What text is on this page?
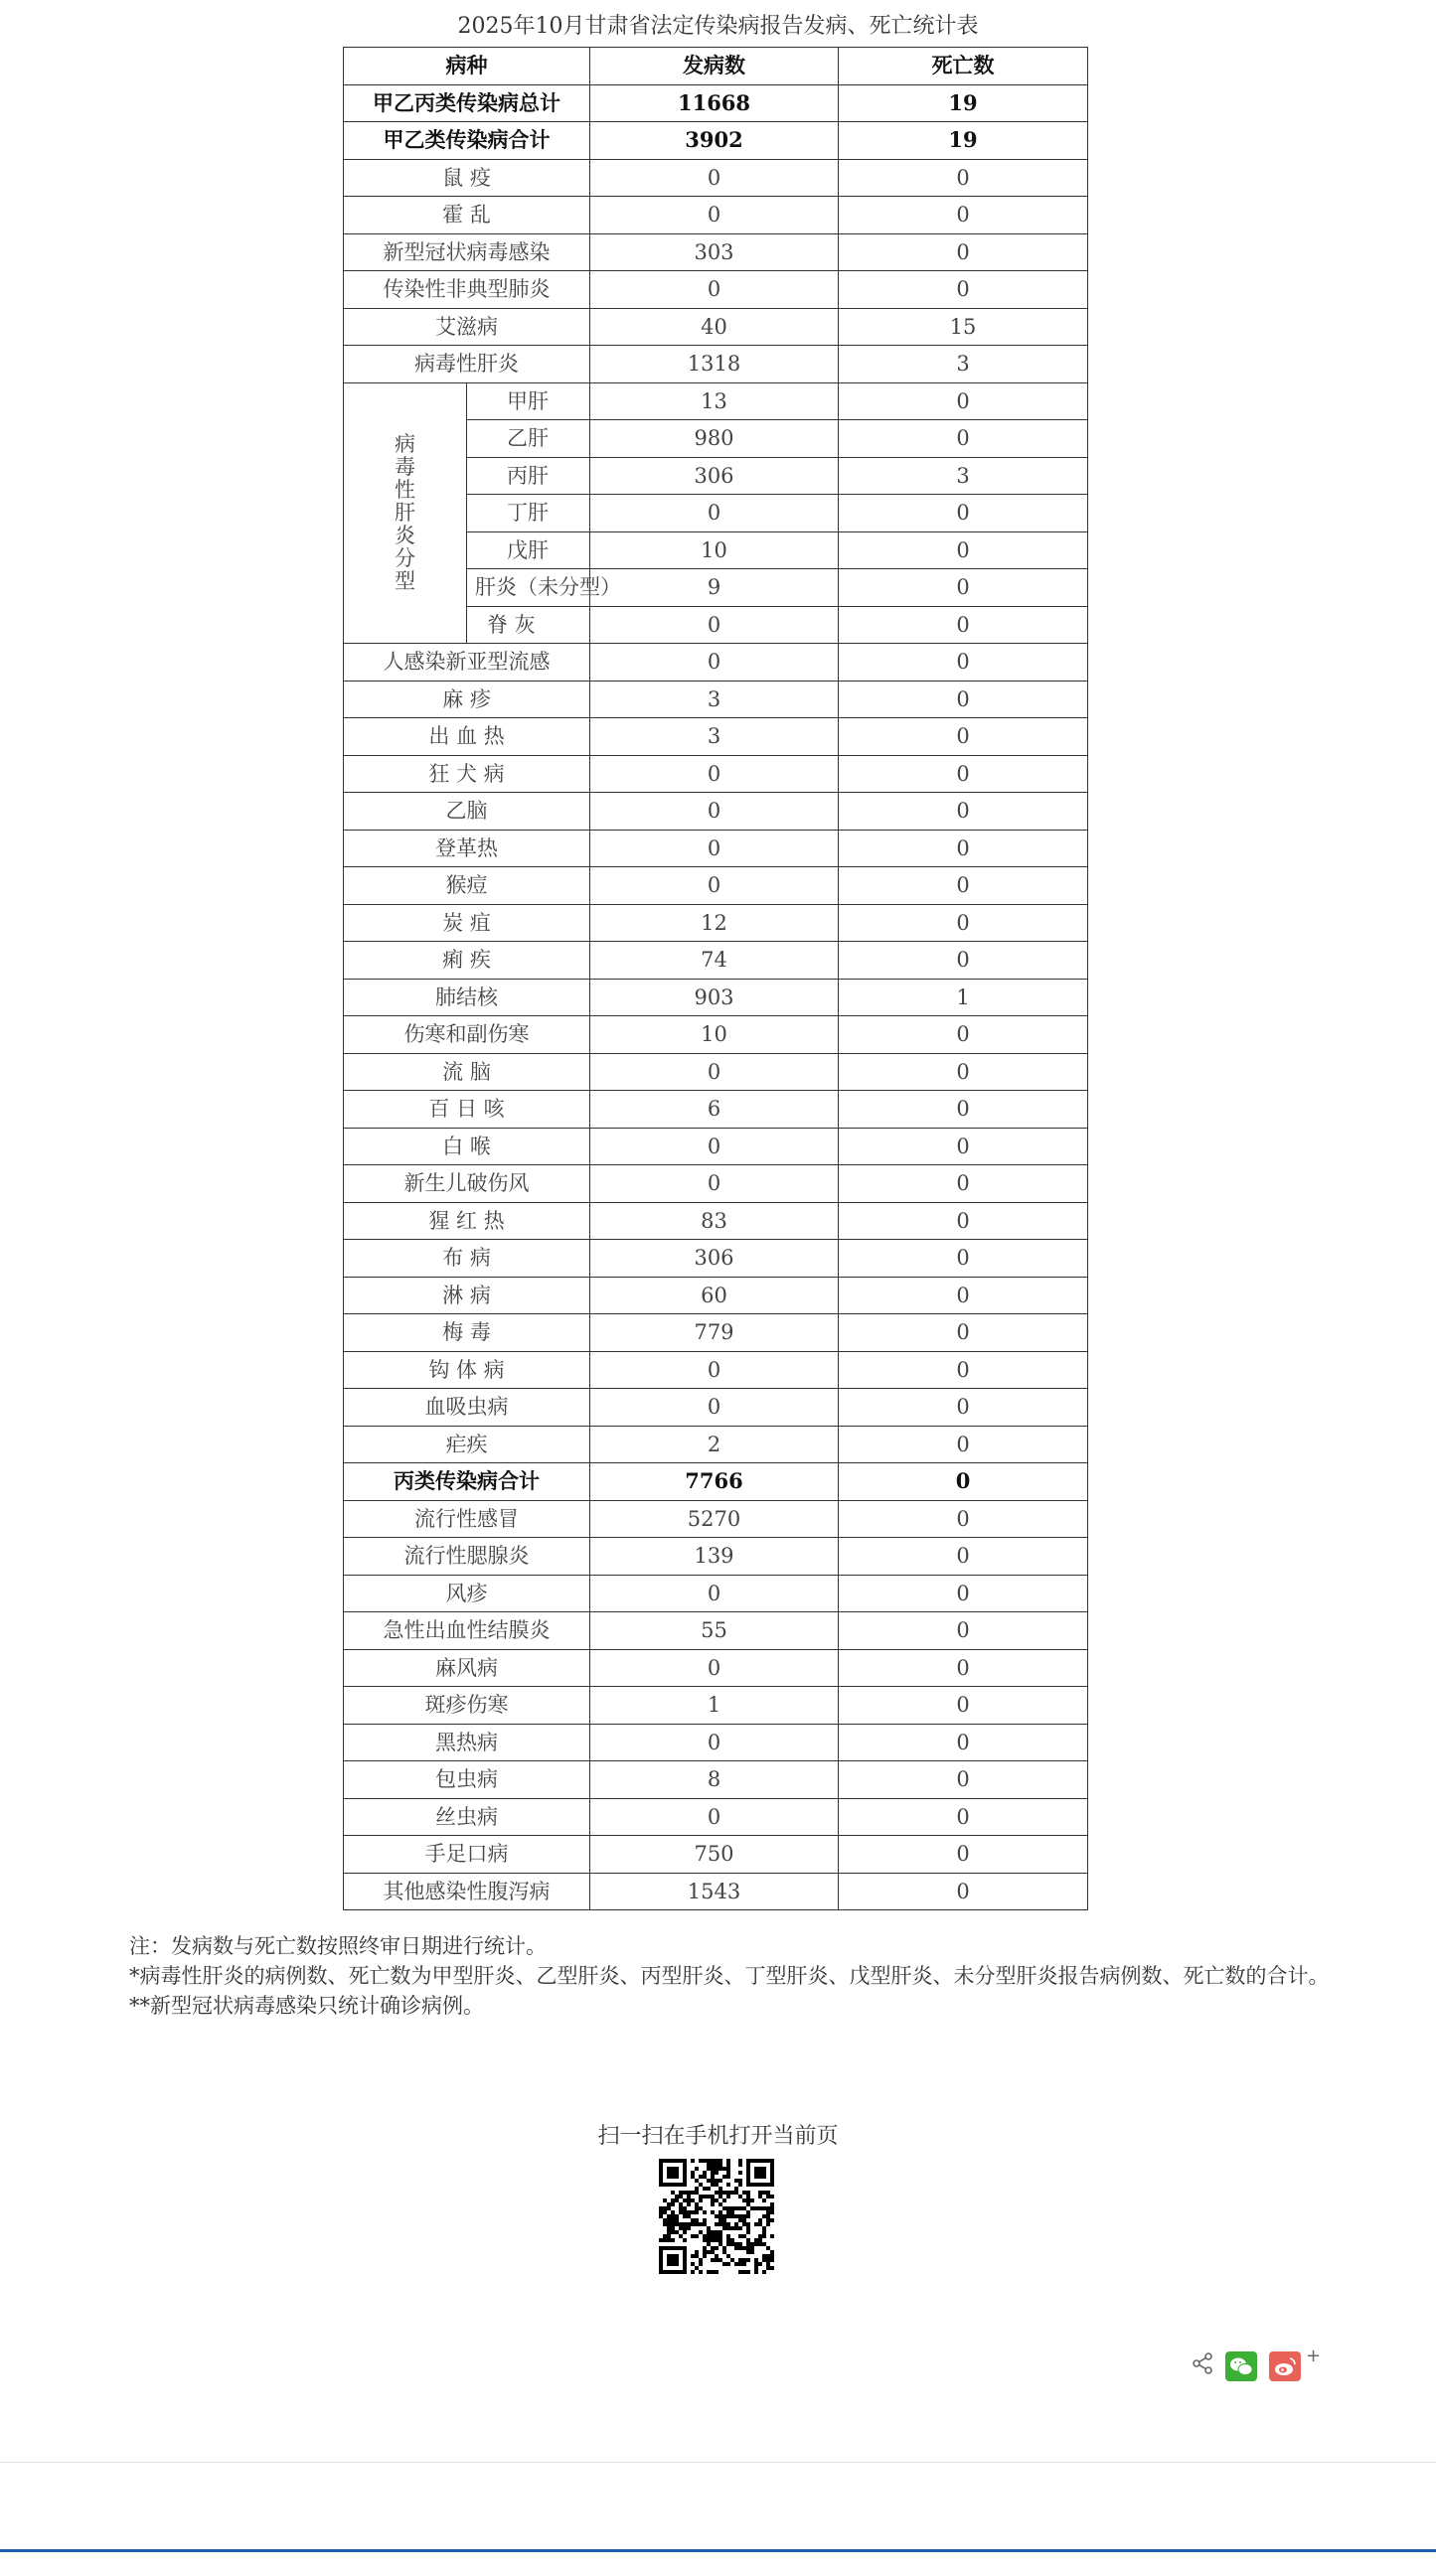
2025年10月甘肃省法定传染病报告发病、死亡统计表
病种		发病数	死亡数
甲乙丙类传染病总计		11668	19
甲乙类传染病合计		3902	19
鼠 疫		0	0
霍 乱		0	0
新型冠状病毒感染		303	0
传染性非典型肺炎		0	0
艾滋病		40	15
病毒性肝炎		1318	3

病毒性肝炎分型	甲肝	13	0
	乙肝	980	0
	丙肝	306	3
	丁肝	0	0
	戊肝	10	0
	肝炎（未分型）	9	0
	脊 灰	0	0
人感染新亚型流感		0	0
麻 疹		3	0
出 血 热		3	0
狂 犬 病		0	0
乙脑		0	0
登革热		0	0
猴痘		0	0
炭 疽		12	0
痢 疾		74	0
肺结核		903	1
伤寒和副伤寒		10	0
流 脑		0	0
百 日 咳		6	0
白 喉		0	0
新生儿破伤风		0	0
猩 红 热		83	0
布 病		306	0
淋 病		60	0
梅 毒		779	0
钩 体 病		0	0
血吸虫病		0	0
疟疾		2	0
丙类传染病合计		7766	0
流行性感冒		5270	0
流行性腮腺炎		139	0
风疹		0	0
急性出血性结膜炎		55	0
麻风病		0	0
斑疹伤寒		1	0
黑热病		0	0
包虫病		8	0
丝虫病		0	0
手足口病		750	0
其他感染性腹泻病		1543	0

注：发病数与死亡数按照终审日期进行统计。

*病毒性肝炎的病例数、死亡数为甲型肝炎、乙型肝炎、丙型肝炎、丁型肝炎、戊型肝炎、未分型肝炎报告病例数、死亡数的合计。

**新型冠状病毒感染只统计确诊病例。

扫一扫在手机打开当前页
+
